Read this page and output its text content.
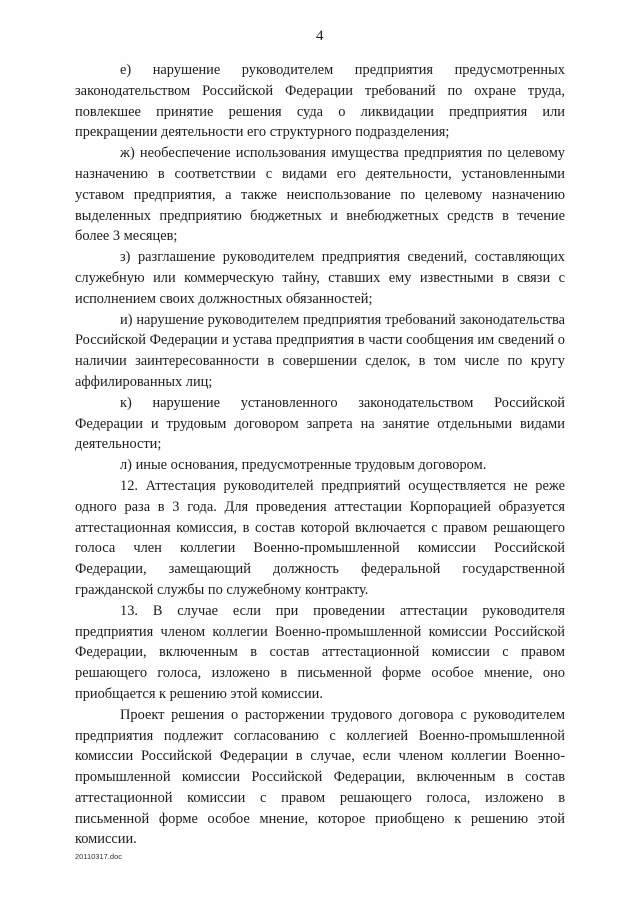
4

е) нарушение руководителем предприятия предусмотренных законодательством Российской Федерации требований по охране труда, повлекшее принятие решения суда о ликвидации предприятия или прекращении деятельности его структурного подразделения;

ж) необеспечение использования имущества предприятия по целевому назначению в соответствии с видами его деятельности, установленными уставом предприятия, а также неиспользование по целевому назначению выделенных предприятию бюджетных и внебюджетных средств в течение более 3 месяцев;

з) разглашение руководителем предприятия сведений, составляющих служебную или коммерческую тайну, ставших ему известными в связи с исполнением своих должностных обязанностей;

и) нарушение руководителем предприятия требований законодательства Российской Федерации и устава предприятия в части сообщения им сведений о наличии заинтересованности в совершении сделок, в том числе по кругу аффилированных лиц;

к) нарушение установленного законодательством Российской Федерации и трудовым договором запрета на занятие отдельными видами деятельности;

л) иные основания, предусмотренные трудовым договором.

12. Аттестация руководителей предприятий осуществляется не реже одного раза в 3 года. Для проведения аттестации Корпорацией образуется аттестационная комиссия, в состав которой включается с правом решающего голоса член коллегии Военно-промышленной комиссии Российской Федерации, замещающий должность федеральной государственной гражданской службы по служебному контракту.

13. В случае если при проведении аттестации руководителя предприятия членом коллегии Военно-промышленной комиссии Российской Федерации, включенным в состав аттестационной комиссии с правом решающего голоса, изложено в письменной форме особое мнение, оно приобщается к решению этой комиссии.

Проект решения о расторжении трудового договора с руководителем предприятия подлежит согласованию с коллегией Военно-промышленной комиссии Российской Федерации в случае, если членом коллегии Военно-промышленной комиссии Российской Федерации, включенным в состав аттестационной комиссии с правом решающего голоса, изложено в письменной форме особое мнение, которое приобщено к решению этой комиссии.

20110317.doc
